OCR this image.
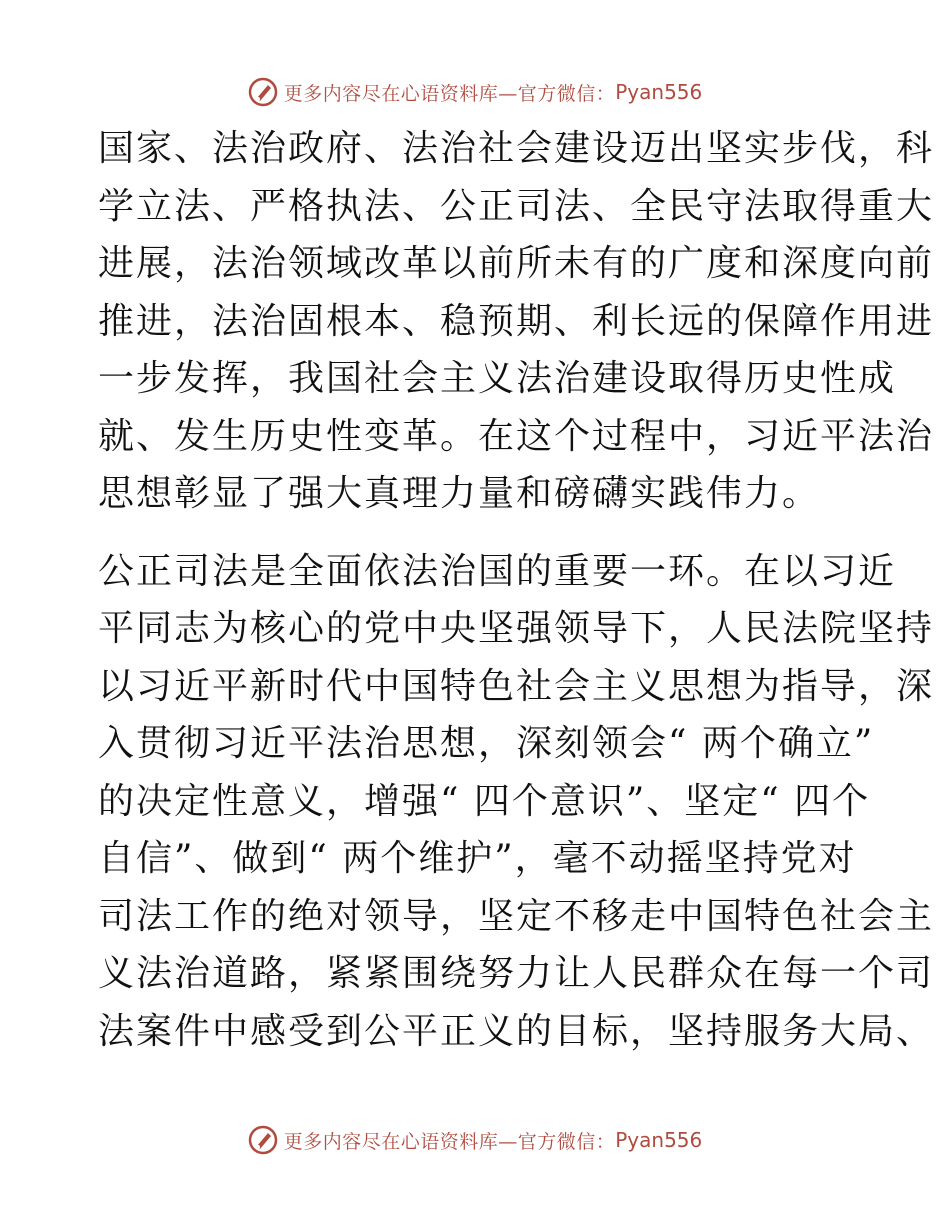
更多内容尽在心语资料库—官方微信： Pyan556
国家、法治政府、法治社会建设迈出坚实步伐，科
学立法、严格执法、公正司法、全民守法取得重大
进展，法治领域改革以前所未有的广度和深度向前
推进，法治固根本、稳预期、利长远的保障作用进
一步发挥，我国社会主义法治建设取得历史性成
就、发生历史性变革。在这个过程中，习近平法治
思想彰显了强大真理力量和磅礴实践伟力。
公正司法是全面依法治国的重要一环。在以习近
平同志为核心的党中央坚强领导下，人民法院坚持
以习近平新时代中国特色社会主义思想为指导，深
入贯彻习近平法治思想，深刻领会“ 两个确立”
的决定性意义，增强“ 四个意识”、坚定“ 四个
自信”、做到“ 两个维护”，毫不动摇坚持党对
司法工作的绝对领导，坚定不移走中国特色社会主
义法治道路，紧紧围绕努力让人民群众在每一个司
法案件中感受到公平正义的目标，坚持服务大局、
更多内容尽在心语资料库—官方微信： Pyan556
